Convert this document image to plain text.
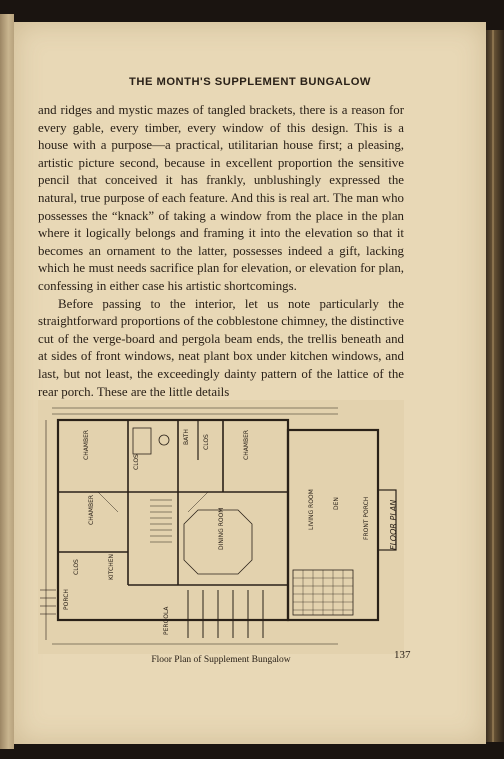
THE MONTH'S SUPPLEMENT BUNGALOW

and ridges and mystic mazes of tangled brackets, there is a reason for every gable, every timber, every window of this design. This is a house with a purpose—a practical, utilitarian house first; a pleasing, artistic picture second, because in excellent proportion the sensitive pencil that conceived it has frankly, unblushingly expressed the natural, true purpose of each feature. And this is real art. The man who possesses the “knack” of taking a window from the place in the plan where it logically belongs and framing it into the elevation so that it becomes an ornament to the latter, possesses indeed a gift, lacking which he must needs sacrifice plan for elevation, or elevation for plan, confessing in either case his artistic shortcomings.

Before passing to the interior, let us note particularly the straightforward proportions of the cobblestone chimney, the distinctive cut of the verge-board and pergola beam ends, the trellis beneath and at sides of front windows, neat plant box under kitchen windows, and last, but not least, the exceedingly dainty pattern of the lattice of the rear porch. These are the little details

CHAMBER
CHAMBER
CHAMBER
BATH
CLOS
CLOS
CLOS
DINING ROOM	LIVING ROOM
KITCHEN
PORCH
PERGOLA
FRONT PORCH
DEN	FLOOR PLAN
Floor Plan of Supplement Bungalow	137
